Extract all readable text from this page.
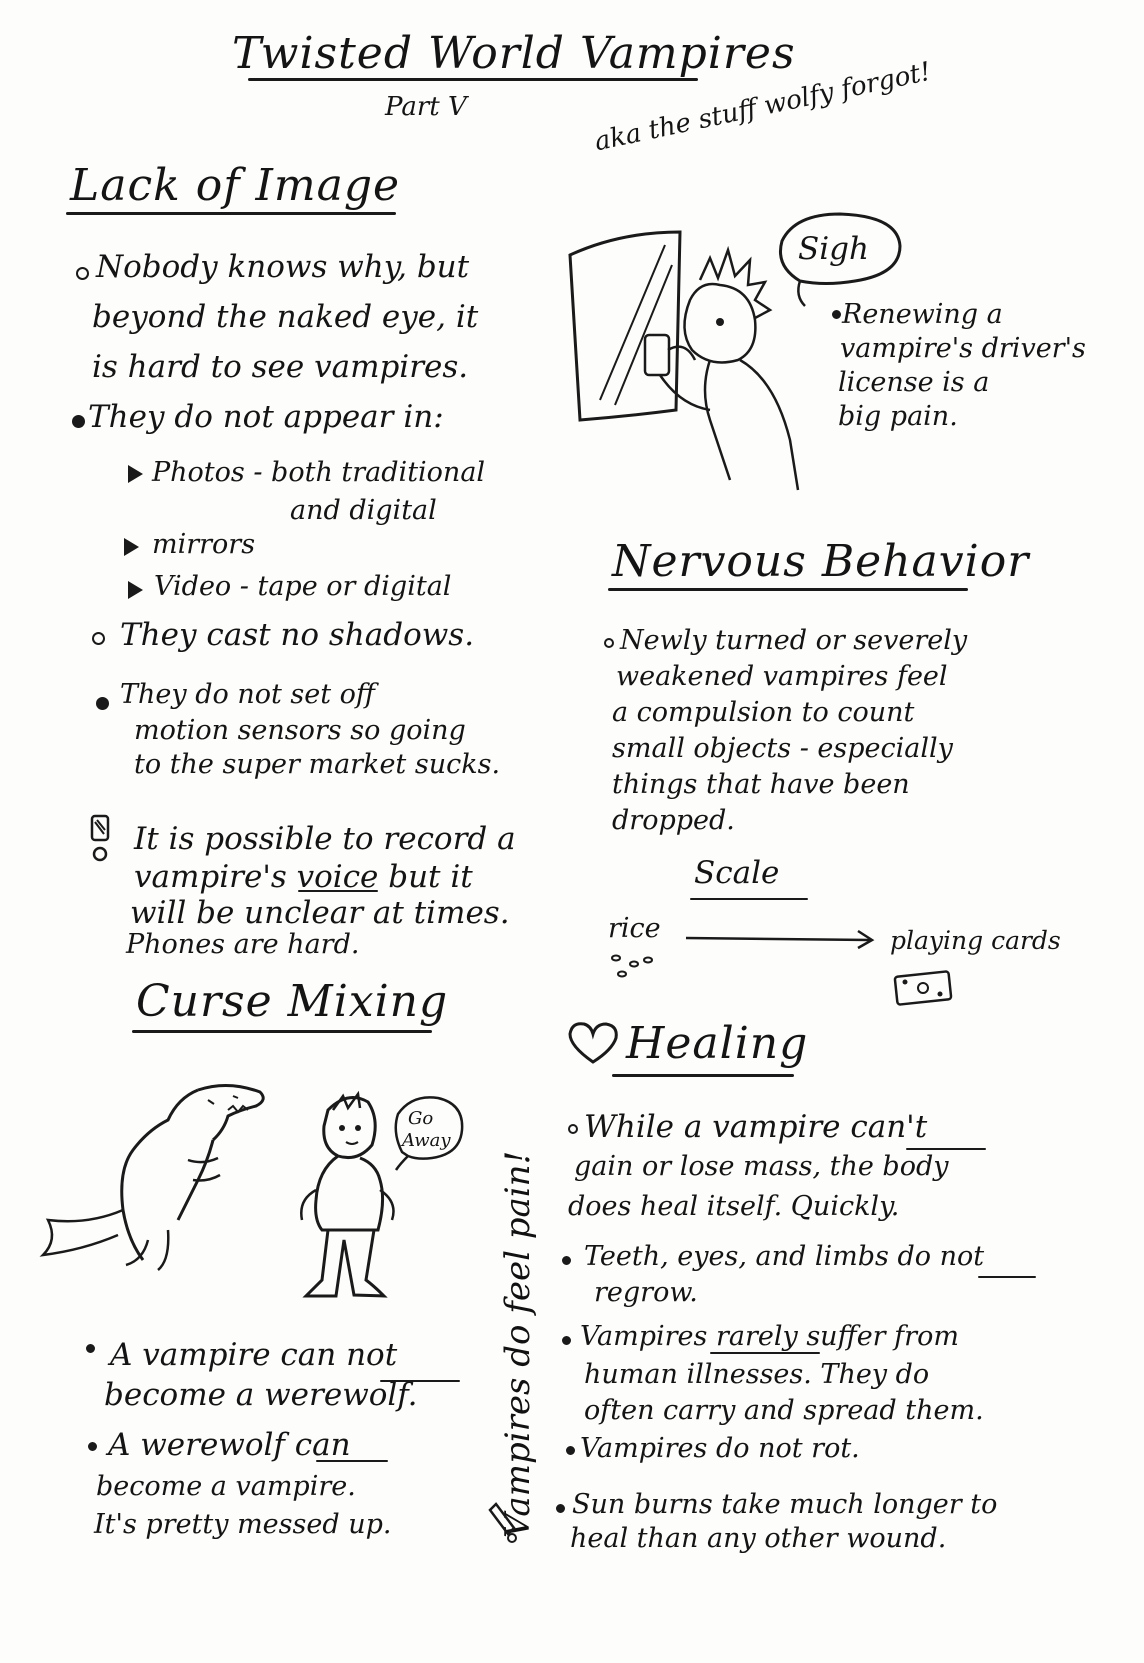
Twisted World Vampires
Part V	aka the stuff wolfy forgot!
Lack of Image
Nobody knows why, but
beyond the naked eye, it
is hard to see vampires.
They do not appear in:
Photos - both traditional
and digital
mirrors
Video - tape or digital
They cast no shadows.
They do not set off
motion sensors so going
to the super market sucks.
It is possible to record a
vampire's voice but it
will be unclear at times.
Phones are hard.
Sigh
Renewing a
vampire's driver's
license is a
big pain.
Nervous Behavior
Newly turned or severely
weakened vampires feel
a compulsion to count
small objects - especially
things that have been
dropped.
Scale
rice	playing cards
Curse Mixing
Go
Away
A vampire can not
become a werewolf.
A werewolf can
become a vampire.
It's pretty messed up.
Healing
Vampires do feel pain!
While a vampire can't
gain or lose mass, the body
does heal itself. Quickly.
Teeth, eyes, and limbs do not
regrow.
Vampires rarely suffer from
human illnesses. They do
often carry and spread them.
Vampires do not rot.
Sun burns take much longer to
heal than any other wound.
